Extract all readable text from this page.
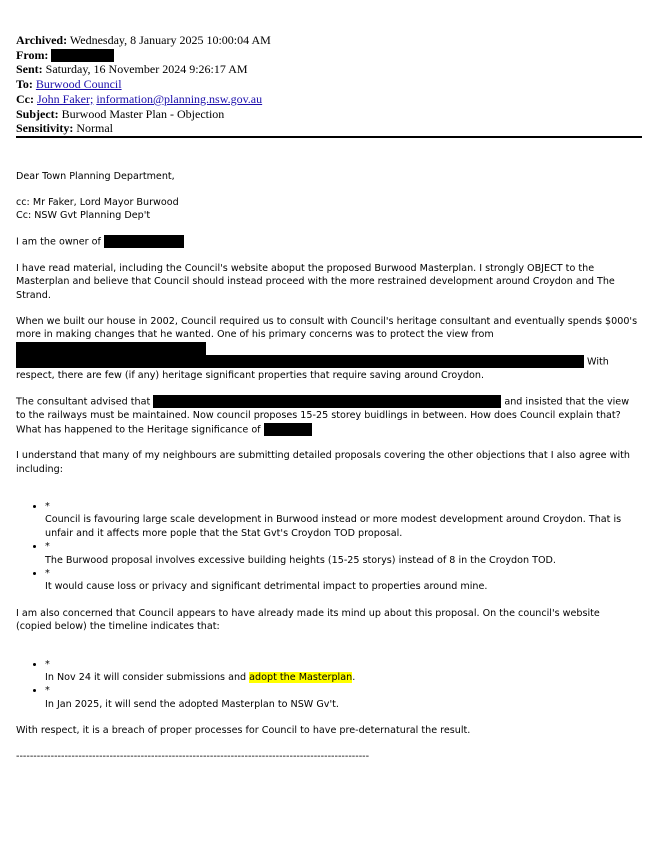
Archived: Wednesday, 8 January 2025 10:00:04 AM
From:
Sent: Saturday, 16 November 2024 9:26:17 AM
To: Burwood Council
Cc: John Faker; information@planning.nsw.gov.au
Subject: Burwood Master Plan - Objection
Sensitivity: Normal

Dear Town Planning Department,

cc: Mr Faker, Lord Mayor Burwood
Cc: NSW Gvt Planning Dep't

I am the owner of

I have read material, including the Council's website aboput the proposed Burwood Masterplan. I strongly OBJECT to the Masterplan and believe that Council should instead proceed with the more restrained development around Croydon and The Strand.

When we built our house in 2002, Council required us to consult with Council's heritage consultant and eventually spends $000's more in making changes that he wanted. One of his primary concerns was to protect the view from  With respect, there are few (if any) heritage significant properties that require saving around Croydon.

The consultant advised that	and insisted that the view to the railways must be maintained. Now council proposes 15-25 storey buidlings in between. How does Council explain that? What has happened to the Heritage significance of

I understand that many of my neighbours are submitting detailed proposals covering the other objections that I also agree with including:

• *
Council is favouring large scale development in Burwood instead or more modest development around Croydon. That is unfair and it affects more pople that the Stat Gvt's Croydon TOD proposal.
• *
The Burwood proposal involves excessive building heights (15-25 storys) instead of 8 in the Croydon TOD.
• *
It would cause loss or privacy and significant detrimental impact to properties around mine.

I am also concerned that Council appears to have already made its mind up about this proposal. On the council's website (copied below) the timeline indicates that:

• *
In Nov 24 it will consider submissions and adopt the Masterplan.
• *
In Jan 2025, it will send the adopted Masterplan to NSW Gv't.

With respect, it is a breach of proper processes for Council to have pre-deternatural the result.

------------------------------------------------------------------------------------------------------
